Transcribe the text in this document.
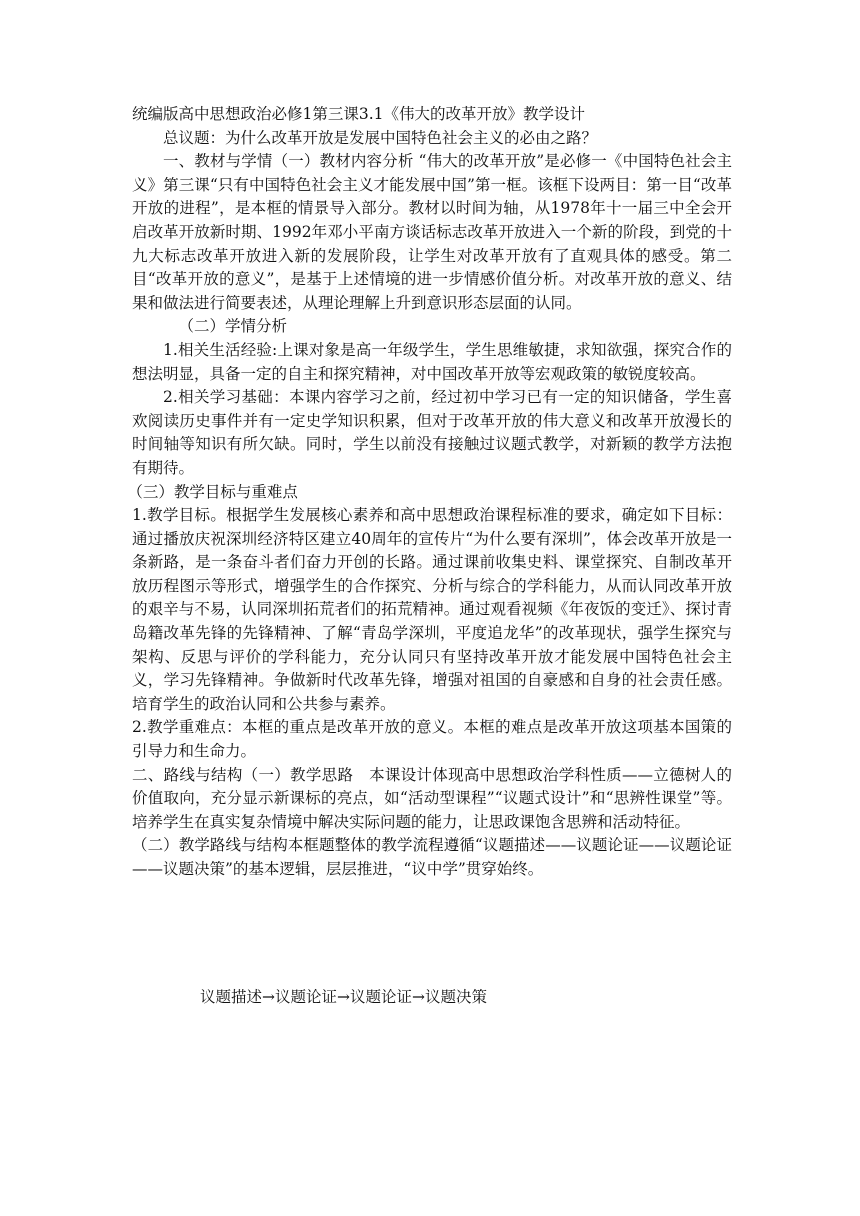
统编版高中思想政治必修1第三课3.1《伟大的改革开放》教学设计

总议题：为什么改革开放是发展中国特色社会主义的必由之路？

一、教材与学情（一）教材内容分析 “伟大的改革开放”是必修一《中国特色社会主义》第三课“只有中国特色社会主义才能发展中国”第一框。该框下设两目：第一目“改革开放的进程”，是本框的情景导入部分。教材以时间为轴，从1978年十一届三中全会开启改革开放新时期、1992年邓小平南方谈话标志改革开放进入一个新的阶段，到党的十九大标志改革开放进入新的发展阶段，让学生对改革开放有了直观具体的感受。第二目“改革开放的意义”，是基于上述情境的进一步情感价值分析。对改革开放的意义、结果和做法进行简要表述，从理论理解上升到意识形态层面的认同。

（二）学情分析

1.相关生活经验:上课对象是高一年级学生，学生思维敏捷，求知欲强，探究合作的想法明显，具备一定的自主和探究精神，对中国改革开放等宏观政策的敏锐度较高。

2.相关学习基础：本课内容学习之前，经过初中学习已有一定的知识储备，学生喜欢阅读历史事件并有一定史学知识积累，但对于改革开放的伟大意义和改革开放漫长的时间轴等知识有所欠缺。同时，学生以前没有接触过议题式教学，对新颖的教学方法抱有期待。

（三）教学目标与重难点

1.教学目标。根据学生发展核心素养和高中思想政治课程标准的要求，确定如下目标：通过播放庆祝深圳经济特区建立40周年的宣传片“为什么要有深圳”，体会改革开放是一条新路，是一条奋斗者们奋力开创的长路。通过课前收集史料、课堂探究、自制改革开放历程图示等形式，增强学生的合作探究、分析与综合的学科能力，从而认同改革开放的艰辛与不易，认同深圳拓荒者们的拓荒精神。通过观看视频《年夜饭的变迁》、探讨青岛籍改革先锋的先锋精神、了解“青岛学深圳，平度追龙华”的改革现状，强学生探究与架构、反思与评价的学科能力，充分认同只有坚持改革开放才能发展中国特色社会主义，学习先锋精神。争做新时代改革先锋，增强对祖国的自豪感和自身的社会责任感。培育学生的政治认同和公共参与素养。

2.教学重难点：本框的重点是改革开放的意义。本框的难点是改革开放这项基本国策的引导力和生命力。

二、路线与结构（一）教学思路　本课设计体现高中思想政治学科性质——立德树人的价值取向，充分显示新课标的亮点，如“活动型课程”“议题式设计”和“思辨性课堂”等。培养学生在真实复杂情境中解决实际问题的能力，让思政课饱含思辨和活动特征。

（二）教学路线与结构本框题整体的教学流程遵循“议题描述——议题论证——议题论证——议题决策”的基本逻辑，层层推进，“议中学”贯穿始终。

议题描述→议题论证→议题论证→议题决策
